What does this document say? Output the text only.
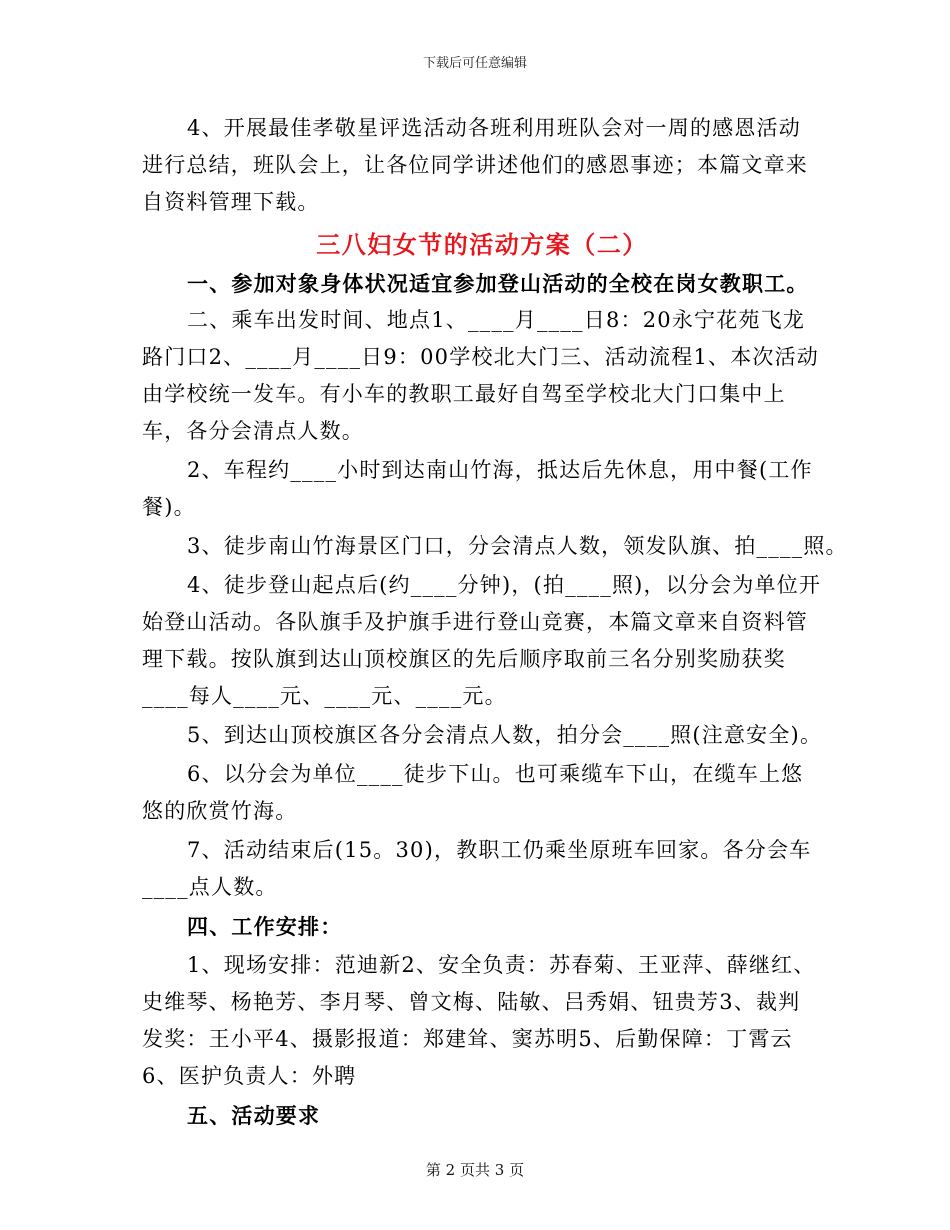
下载后可任意编辑

4、开展最佳孝敬星评选活动各班利用班队会对一周的感恩活动进行总结，班队会上，让各位同学讲述他们的感恩事迹；本篇文章来自资料管理下载。

三八妇女节的活动方案（二）

一、参加对象身体状况适宜参加登山活动的全校在岗女教职工。

二、乘车出发时间、地点1、____月____日8：20永宁花苑飞龙路门口2、____月____日9：00学校北大门三、活动流程1、本次活动由学校统一发车。有小车的教职工最好自驾至学校北大门口集中上车，各分会清点人数。

2、车程约____小时到达南山竹海，抵达后先休息，用中餐(工作餐)。

3、徒步南山竹海景区门口，分会清点人数，领发队旗、拍____照。

4、徒步登山起点后(约____分钟)，(拍____照)，以分会为单位开始登山活动。各队旗手及护旗手进行登山竞赛，本篇文章来自资料管理下载。按队旗到达山顶校旗区的先后顺序取前三名分别奖励获奖____每人____元、____元、____元。

5、到达山顶校旗区各分会清点人数，拍分会____照(注意安全)。

6、以分会为单位____徒步下山。也可乘缆车下山，在缆车上悠悠的欣赏竹海。

7、活动结束后(15。30)，教职工仍乘坐原班车回家。各分会车____点人数。

四、工作安排：

1、现场安排：范迪新2、安全负责：苏春菊、王亚萍、薛继红、史维琴、杨艳芳、李月琴、曾文梅、陆敏、吕秀娟、钮贵芳3、裁判发奖：王小平4、摄影报道：郑建耸、窦苏明5、后勤保障：丁霄云6、医护负责人：外聘

五、活动要求

第 2 页共 3 页
